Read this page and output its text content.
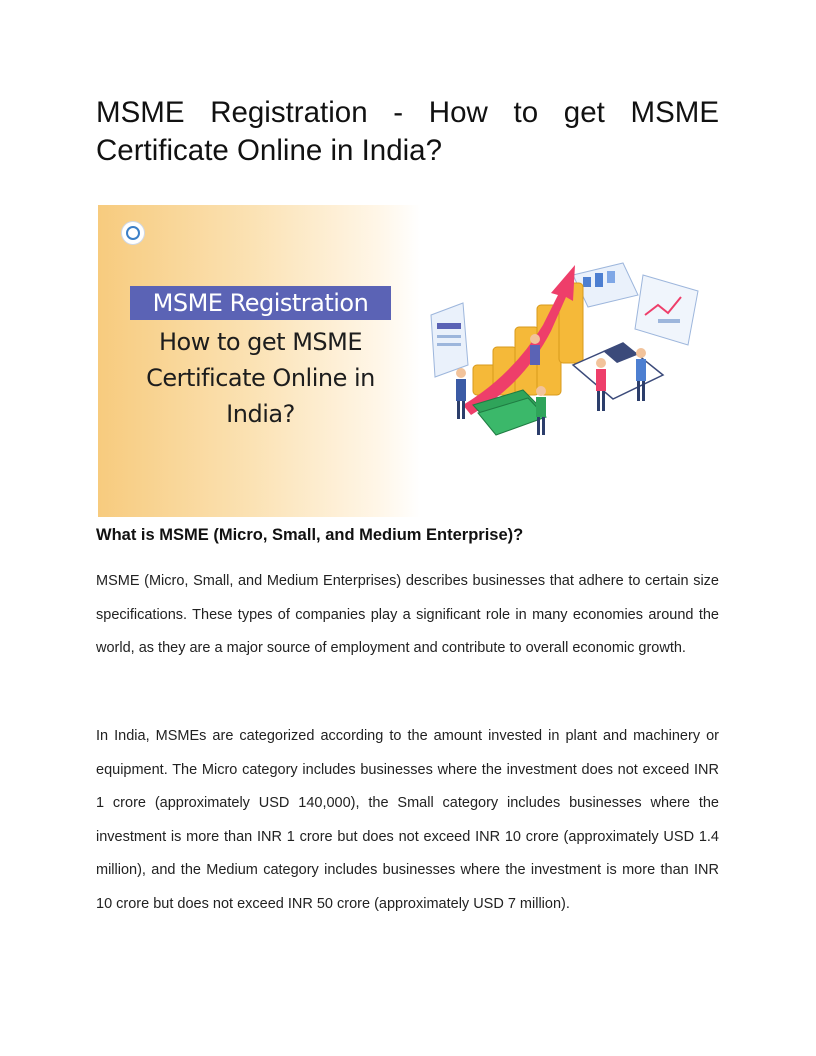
MSME Registration - How to get MSME Certificate Online in India?
MSME Registration
How to get MSME Certificate Online in India?
What is MSME (Micro, Small, and Medium Enterprise)?

MSME (Micro, Small, and Medium Enterprises) describes businesses that adhere to certain size specifications. These types of companies play a significant role in many economies around the world, as they are a major source of employment and contribute to overall economic growth.

In India, MSMEs are categorized according to the amount invested in plant and machinery or equipment. The Micro category includes businesses where the investment does not exceed INR 1 crore (approximately USD 140,000), the Small category includes businesses where the investment is more than INR 1 crore but does not exceed INR 10 crore (approximately USD 1.4 million), and the Medium category includes businesses where the investment is more than INR 10 crore but does not exceed INR 50 crore (approximately USD 7 million).
